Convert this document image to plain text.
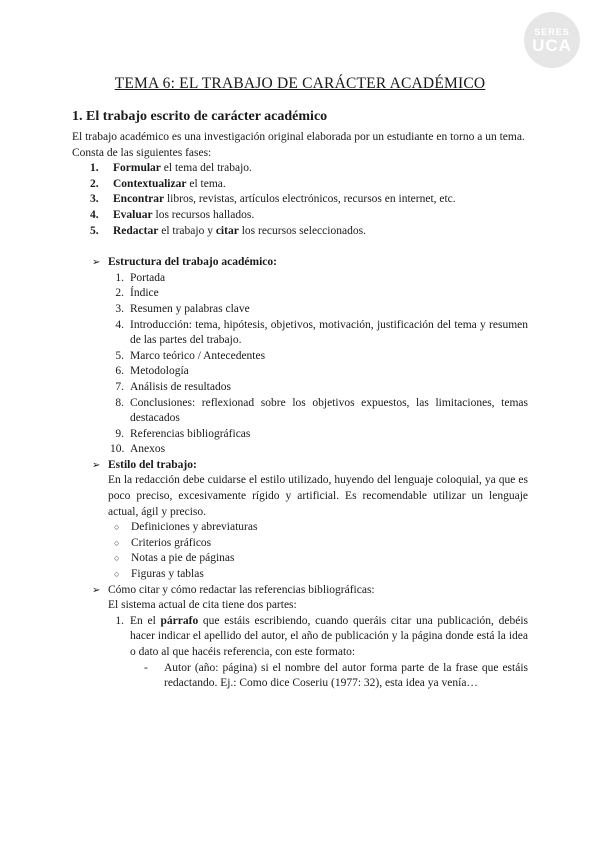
SERES
UCA
TEMA 6: EL TRABAJO DE CARÁCTER ACADÉMICO
1. El trabajo escrito de carácter académico

El trabajo académico es una investigación original elaborada por un estudiante en torno a un tema.

Consta de las siguientes fases:

1.	Formular el tema del trabajo.
2.	Contextualizar el tema.
3.	Encontrar libros, revistas, artículos electrónicos, recursos en internet, etc.
4.	Evaluar los recursos hallados.
5.	Redactar el trabajo y citar los recursos seleccionados.
➢ Estructura del trabajo académico:
1. Portada
2. Índice
3. Resumen y palabras clave
4. Introducción: tema, hipótesis, objetivos, motivación, justificación del tema y resumen de las partes del trabajo.
5. Marco teórico / Antecedentes
6. Metodología
7. Análisis de resultados
8. Conclusiones: reflexionad sobre los objetivos expuestos, las limitaciones, temas destacados
9. Referencias bibliográficas
10. Anexos
➢ Estilo del trabajo:

En la redacción debe cuidarse el estilo utilizado, huyendo del lenguaje coloquial, ya que es poco preciso, excesivamente rígido y artificial. Es recomendable utilizar un lenguaje actual, ágil y preciso.

○	Definiciones y abreviaturas
○	Criterios gráficos
○	Notas a pie de páginas
○	Figuras y tablas
➢ Cómo citar y cómo redactar las referencias bibliográficas:

El sistema actual de cita tiene dos partes:

1. En el párrafo que estáis escribiendo, cuando queráis citar una publicación, debéis hacer indicar el apellido del autor, el año de publicación y la página donde está la idea o dato al que hacéis referencia, con este formato:
-	Autor (año: página) si el nombre del autor forma parte de la frase que estáis redactando. Ej.: Como dice Coseriu (1977: 32), esta idea ya venía…
